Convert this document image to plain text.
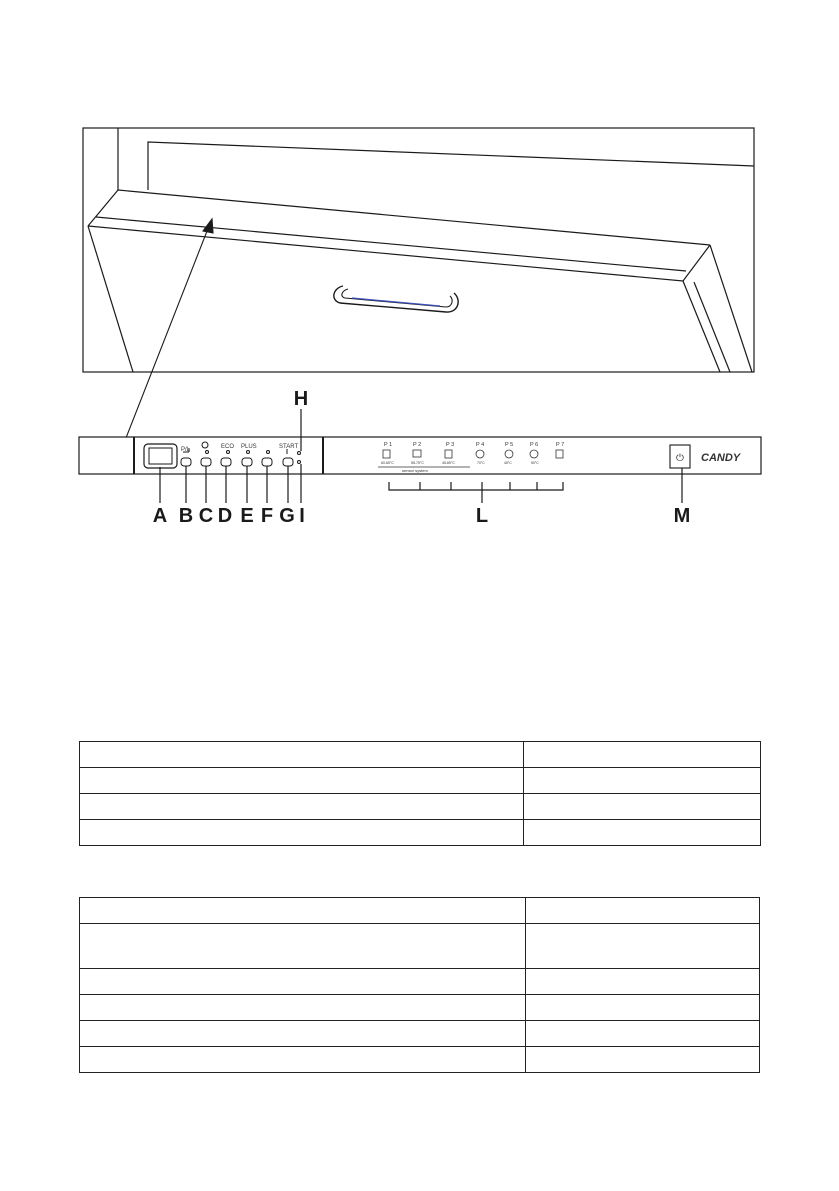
P/L	ECO PLUS	START	P 1	P 2	P 3	P 4	P 5	P 6	P 7
60-65°C	55-75°C	45-65°C	70°C	45°C	50°C
sensor system
⏻ CANDY
H
A B C D E F G I	L	M
